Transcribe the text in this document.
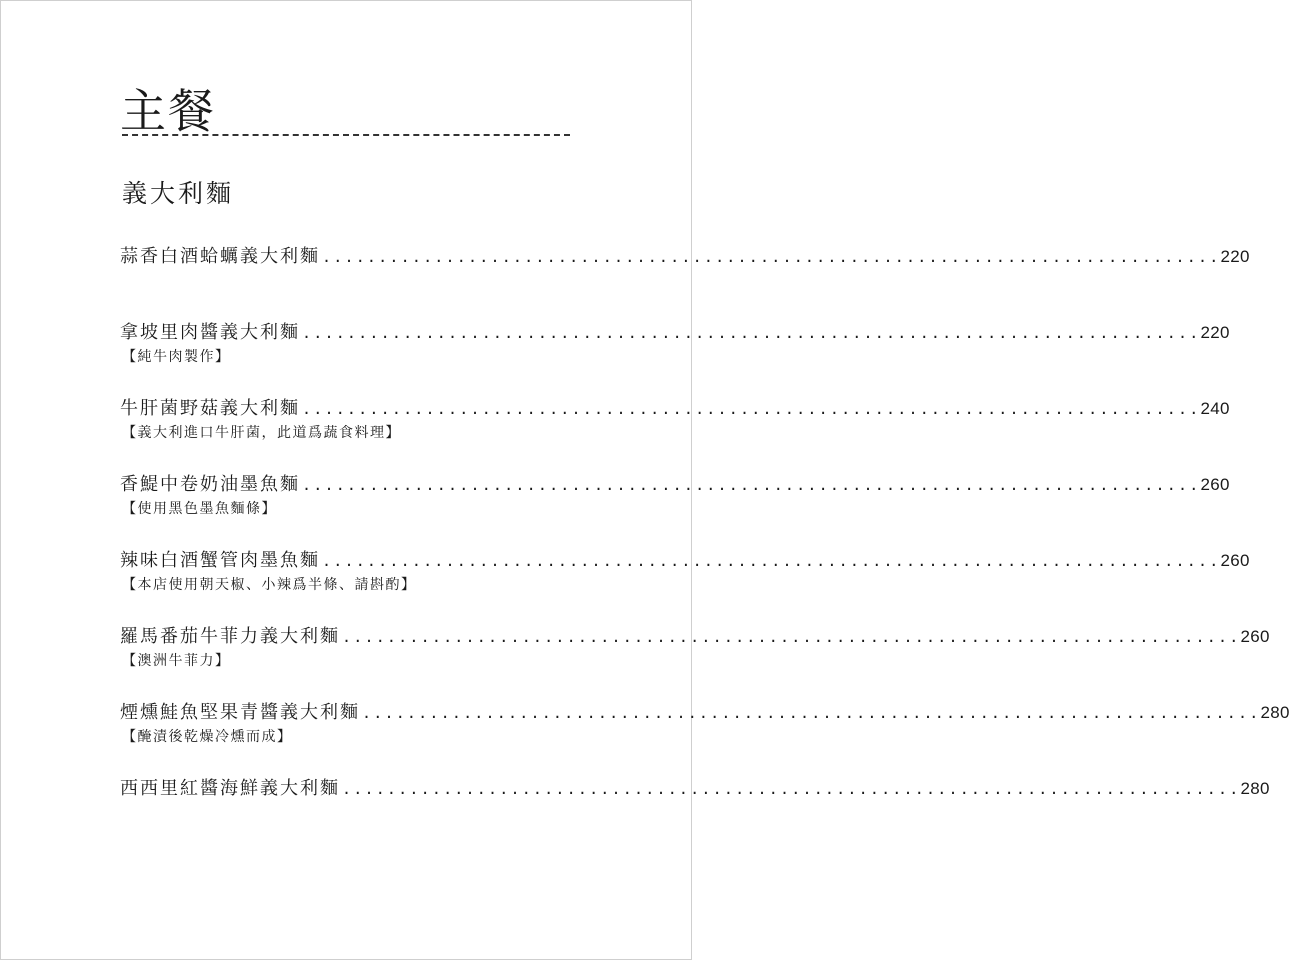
主餐
義大利麵
蒜香白酒蛤蠣義大利麵 ................................................................................ 220
拿坡里肉醬義大利麵 ................................................................................ 220
【純牛肉製作】
牛肝菌野菇義大利麵 ................................................................................ 240
【義大利進口牛肝菌，此道爲蔬食料理】
香鯷中卷奶油墨魚麵 ................................................................................ 260
【使用黑色墨魚麵條】
辣味白酒蟹管肉墨魚麵 ................................................................................ 260
【本店使用朝天椒、小辣爲半條、請斟酌】
羅馬番茄牛菲力義大利麵 ................................................................................ 260
【澳洲牛菲力】
煙燻鮭魚堅果青醬義大利麵 ................................................................................ 280
【醃漬後乾燥冷燻而成】
西西里紅醬海鮮義大利麵 ................................................................................ 280
